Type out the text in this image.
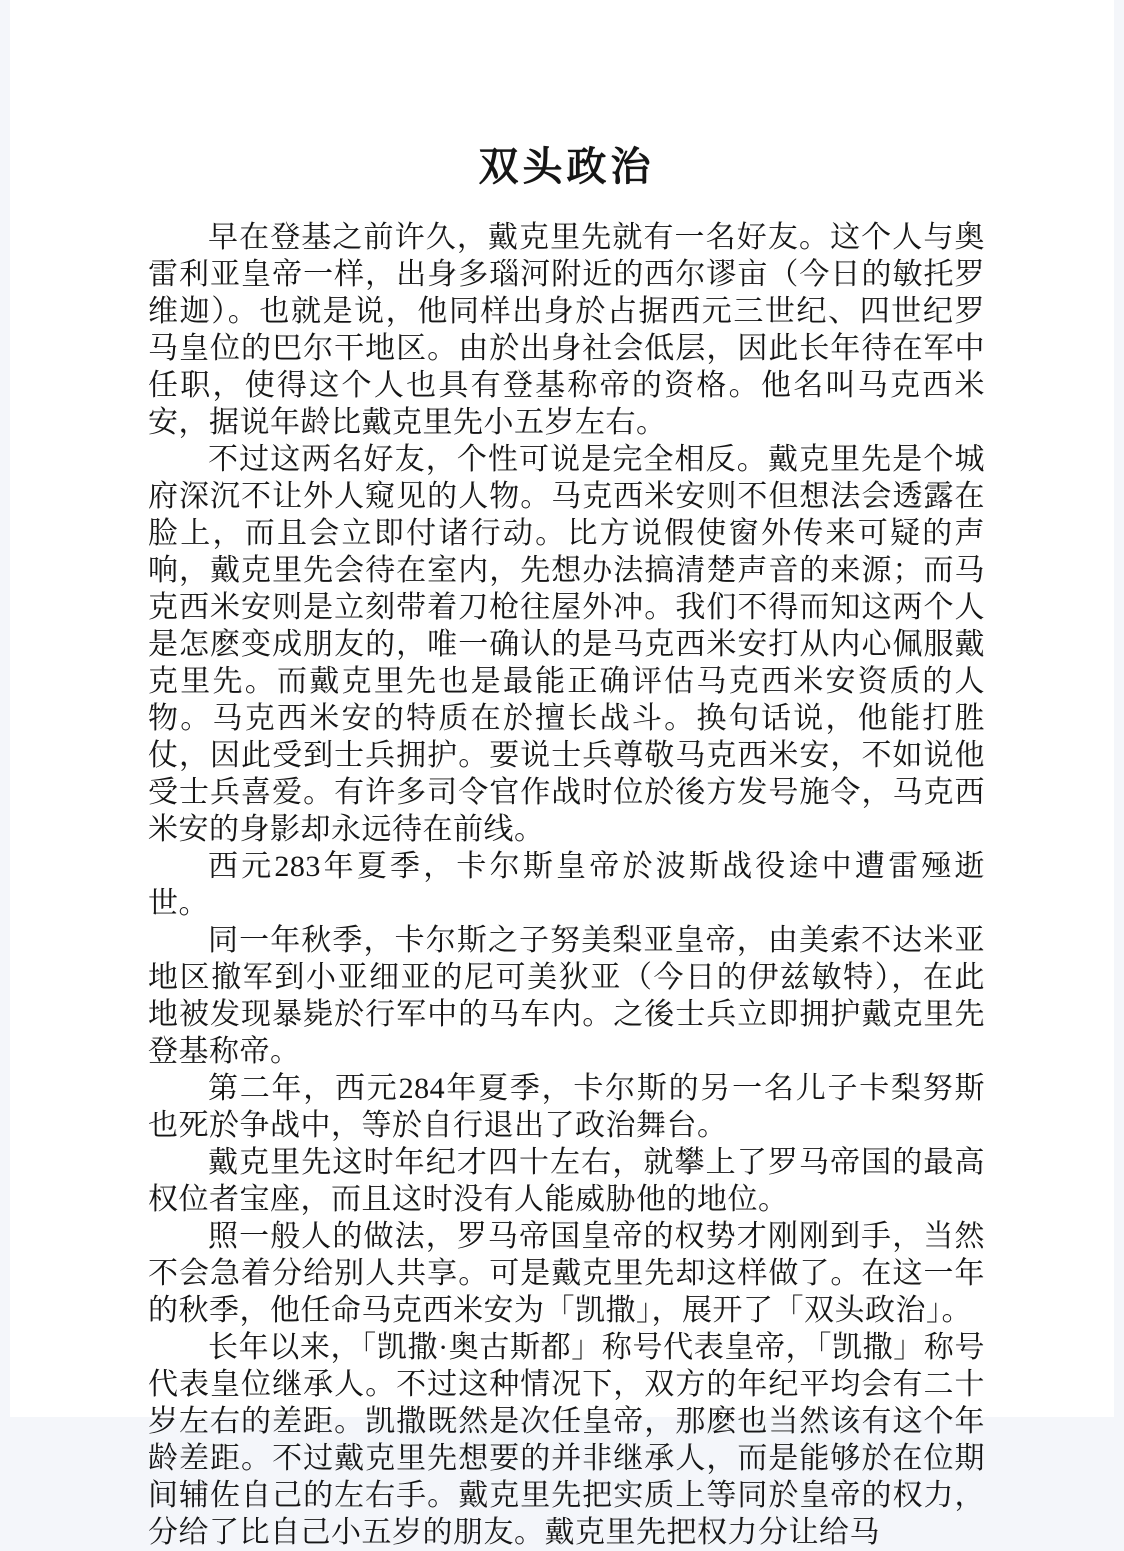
双头政治

早在登基之前许久，戴克里先就有一名好友。这个人与奥雷利亚皇帝一样，出身多瑙河附近的西尔谬亩（今日的敏托罗维迦）。也就是说，他同样出身於占据西元三世纪、四世纪罗马皇位的巴尔干地区。由於出身社会低层，因此长年待在军中任职，使得这个人也具有登基称帝的资格。他名叫马克西米安，据说年龄比戴克里先小五岁左右。

不过这两名好友，个性可说是完全相反。戴克里先是个城府深沉不让外人窥见的人物。马克西米安则不但想法会透露在脸上，而且会立即付诸行动。比方说假使窗外传来可疑的声响，戴克里先会待在室内，先想办法搞清楚声音的来源；而马克西米安则是立刻带着刀枪往屋外冲。我们不得而知这两个人是怎麽变成朋友的，唯一确认的是马克西米安打从内心佩服戴克里先。而戴克里先也是最能正确评估马克西米安资质的人物。马克西米安的特质在於擅长战斗。换句话说，他能打胜仗，因此受到士兵拥护。要说士兵尊敬马克西米安，不如说他受士兵喜爱。有许多司令官作战时位於後方发号施令，马克西米安的身影却永远待在前线。

西元283年夏季，卡尔斯皇帝於波斯战役途中遭雷殛逝世。

同一年秋季，卡尔斯之子努美梨亚皇帝，由美索不达米亚地区撤军到小亚细亚的尼可美狄亚（今日的伊兹敏特），在此地被发现暴毙於行军中的马车内。之後士兵立即拥护戴克里先登基称帝。

第二年，西元284年夏季，卡尔斯的另一名儿子卡梨努斯也死於争战中，等於自行退出了政治舞台。

戴克里先这时年纪才四十左右，就攀上了罗马帝国的最高权位者宝座，而且这时没有人能威胁他的地位。

照一般人的做法，罗马帝国皇帝的权势才刚刚到手，当然不会急着分给别人共享。可是戴克里先却这样做了。在这一年的秋季，他任命马克西米安为「凯撒」，展开了「双头政治」。

长年以来，「凯撒·奥古斯都」称号代表皇帝，「凯撒」称号代表皇位继承人。不过这种情况下，双方的年纪平均会有二十岁左右的差距。凯撒既然是次任皇帝，那麽也当然该有这个年龄差距。不过戴克里先想要的并非继承人，而是能够於在位期间辅佐自己的左右手。戴克里先把实质上等同於皇帝的权力，分给了比自己小五岁的朋友。戴克里先把权力分让给马
